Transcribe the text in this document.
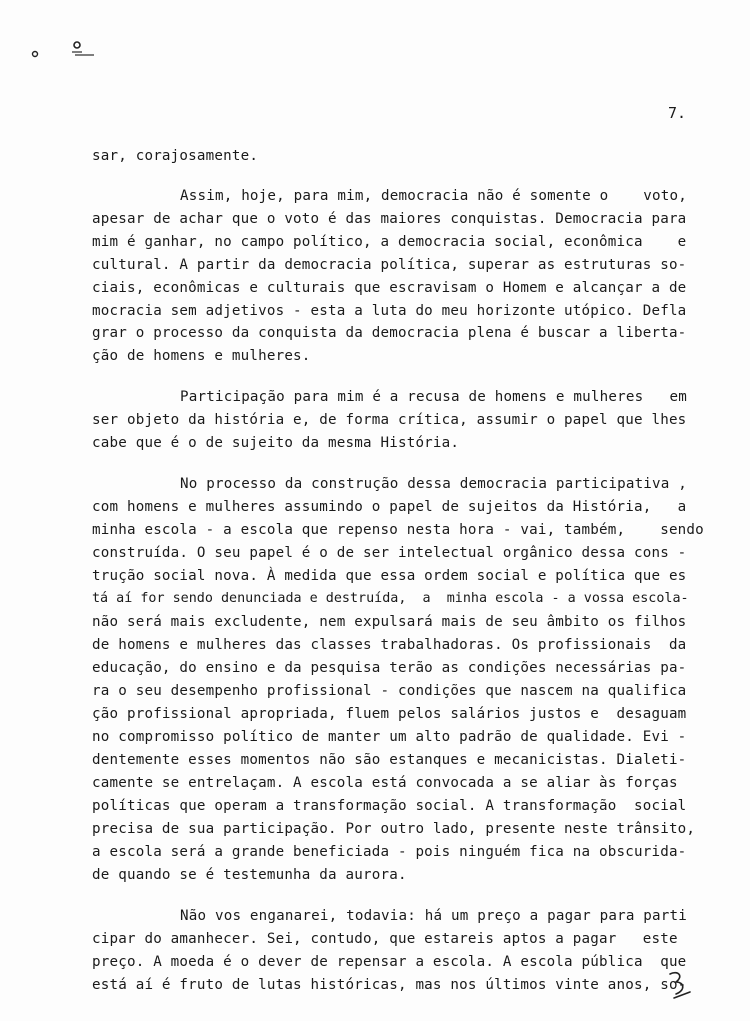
7.
sar, corajosamente.
Assim, hoje, para mim, democracia não é somente o    voto,
apesar de achar que o voto é das maiores conquistas. Democracia para
mim é ganhar, no campo político, a democracia social, econômica    e
cultural. A partir da democracia política, superar as estruturas so-
ciais, econômicas e culturais que escravisam o Homem e alcançar a de
mocracia sem adjetivos - esta a luta do meu horizonte utópico. Defla
grar o processo da conquista da democracia plena é buscar a liberta-
ção de homens e mulheres.
Participação para mim é a recusa de homens e mulheres   em
ser objeto da história e, de forma crítica, assumir o papel que lhes
cabe que é o de sujeito da mesma História.
No processo da construção dessa democracia participativa ,
com homens e mulheres assumindo o papel de sujeitos da História,   a
minha escola - a escola que repenso nesta hora - vai, também,    sendo
construída. O seu papel é o de ser intelectual orgânico dessa cons -
trução social nova. À medida que essa ordem social e política que es
tá aí for sendo denunciada e destruída,  a  minha escola - a vossa escola-
não será mais excludente, nem expulsará mais de seu âmbito os filhos
de homens e mulheres das classes trabalhadoras. Os profissionais  da
educação, do ensino e da pesquisa terão as condições necessárias pa-
ra o seu desempenho profissional - condições que nascem na qualifica
ção profissional apropriada, fluem pelos salários justos e  desaguam
no compromisso político de manter um alto padrão de qualidade. Evi -
dentemente esses momentos não são estanques e mecanicistas. Dialeti-
camente se entrelaçam. A escola está convocada a se aliar às forças
políticas que operam a transformação social. A transformação  social
precisa de sua participação. Por outro lado, presente neste trânsito,
a escola será a grande beneficiada - pois ninguém fica na obscurida-
de quando se é testemunha da aurora.
Não vos enganarei, todavia: há um preço a pagar para parti
cipar do amanhecer. Sei, contudo, que estareis aptos a pagar   este
preço. A moeda é o dever de repensar a escola. A escola pública  que
está aí é fruto de lutas históricas, mas nos últimos vinte anos, so-
